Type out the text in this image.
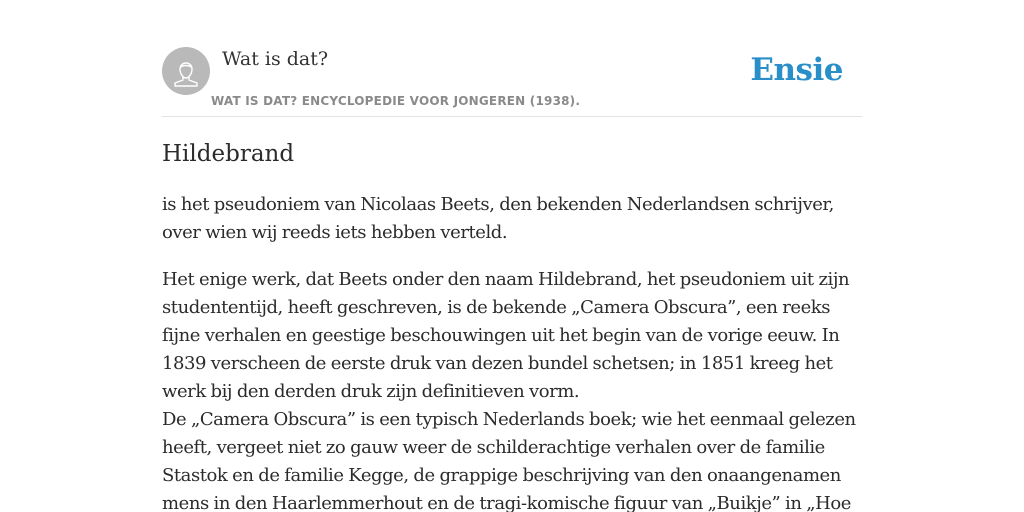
Wat is dat?
WAT IS DAT? ENCYCLOPEDIE VOOR JONGEREN (1938).
Ensie
Hildebrand

is het pseudoniem van Nicolaas Beets, den bekenden Nederlandsen schrijver, over wien wij reeds iets hebben verteld.

Het enige werk, dat Beets onder den naam Hildebrand, het pseudoniem uit zijn studententijd, heeft geschreven, is de bekende „Camera Obscura”, een reeks fijne verhalen en geestige beschouwingen uit het begin van de vorige eeuw. In 1839 verscheen de eerste druk van dezen bundel schetsen; in 1851 kreeg het werk bij den derden druk zijn definitieven vorm.

De „Camera Obscura” is een typisch Nederlands boek; wie het eenmaal gelezen heeft, vergeet niet zo gauw weer de schilderachtige verhalen over de familie Stastok en de familie Kegge, de grappige beschrijving van den onaangenamen mens in den Haarlemmerhout en de tragi-komische figuur van „Buikje” in „Hoe
